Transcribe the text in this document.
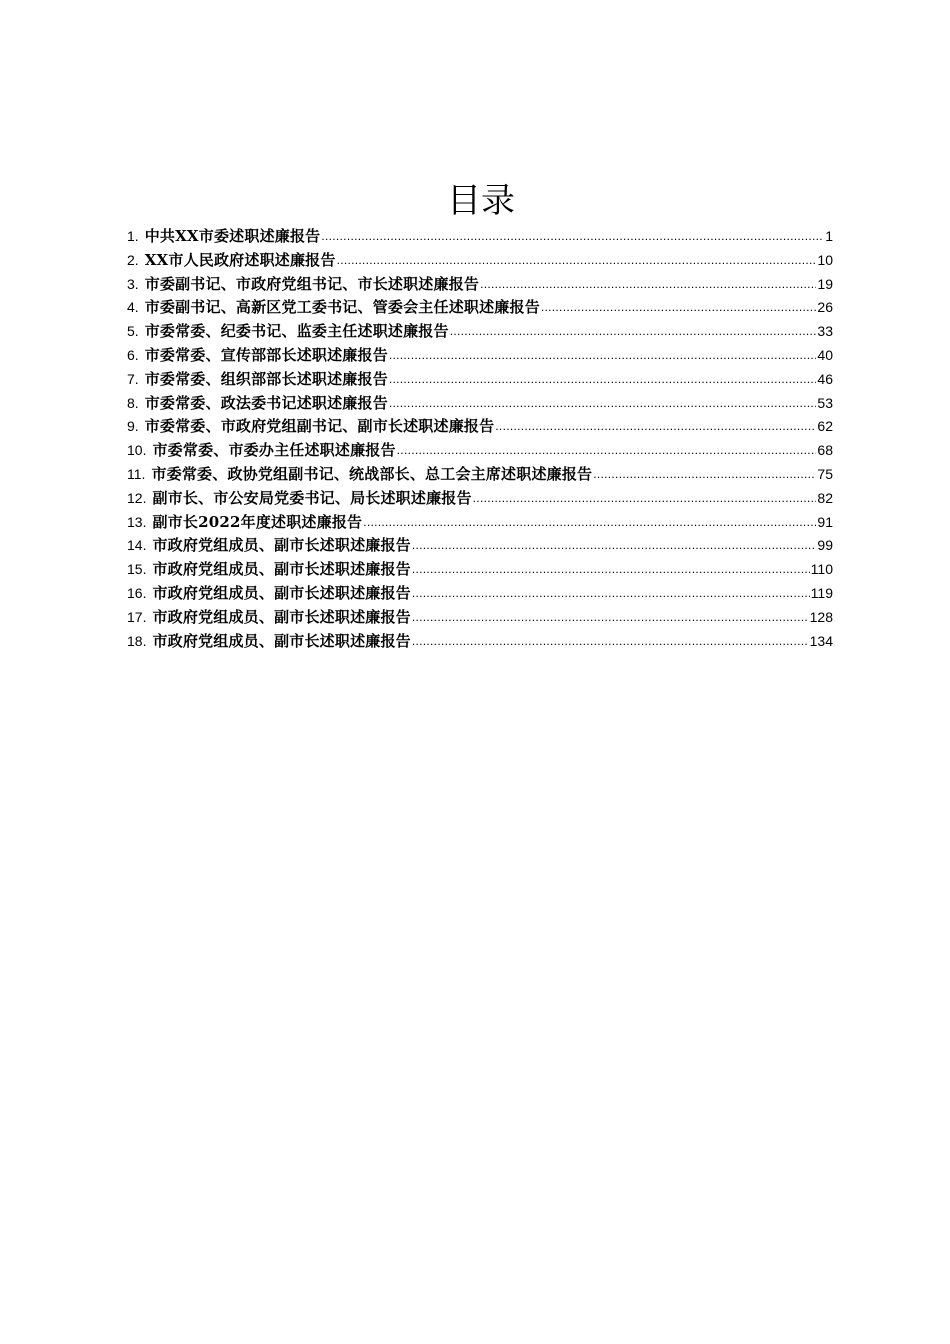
目录
1. 中共XX市委述职述廉报告 .....	1
2. XX市人民政府述职述廉报告 .....	10
3. 市委副书记、市政府党组书记、市长述职述廉报告 .....	19
4. 市委副书记、高新区党工委书记、管委会主任述职述廉报告 .....	26
5. 市委常委、纪委书记、监委主任述职述廉报告 .....	33
6. 市委常委、宣传部部长述职述廉报告 .....	40
7. 市委常委、组织部部长述职述廉报告 .....	46
8. 市委常委、政法委书记述职述廉报告 .....	53
9. 市委常委、市政府党组副书记、副市长述职述廉报告 .....	62
10. 市委常委、市委办主任述职述廉报告 .....	68
11. 市委常委、政协党组副书记、统战部长、总工会主席述职述廉报告 .....	75
12. 副市长、市公安局党委书记、局长述职述廉报告 .....	82
13. 副市长2022年度述职述廉报告 .....	91
14. 市政府党组成员、副市长述职述廉报告 .....	99
15. 市政府党组成员、副市长述职述廉报告 .....	110
16. 市政府党组成员、副市长述职述廉报告 .....	119
17. 市政府党组成员、副市长述职述廉报告 .....	128
18. 市政府党组成员、副市长述职述廉报告 .....	134
